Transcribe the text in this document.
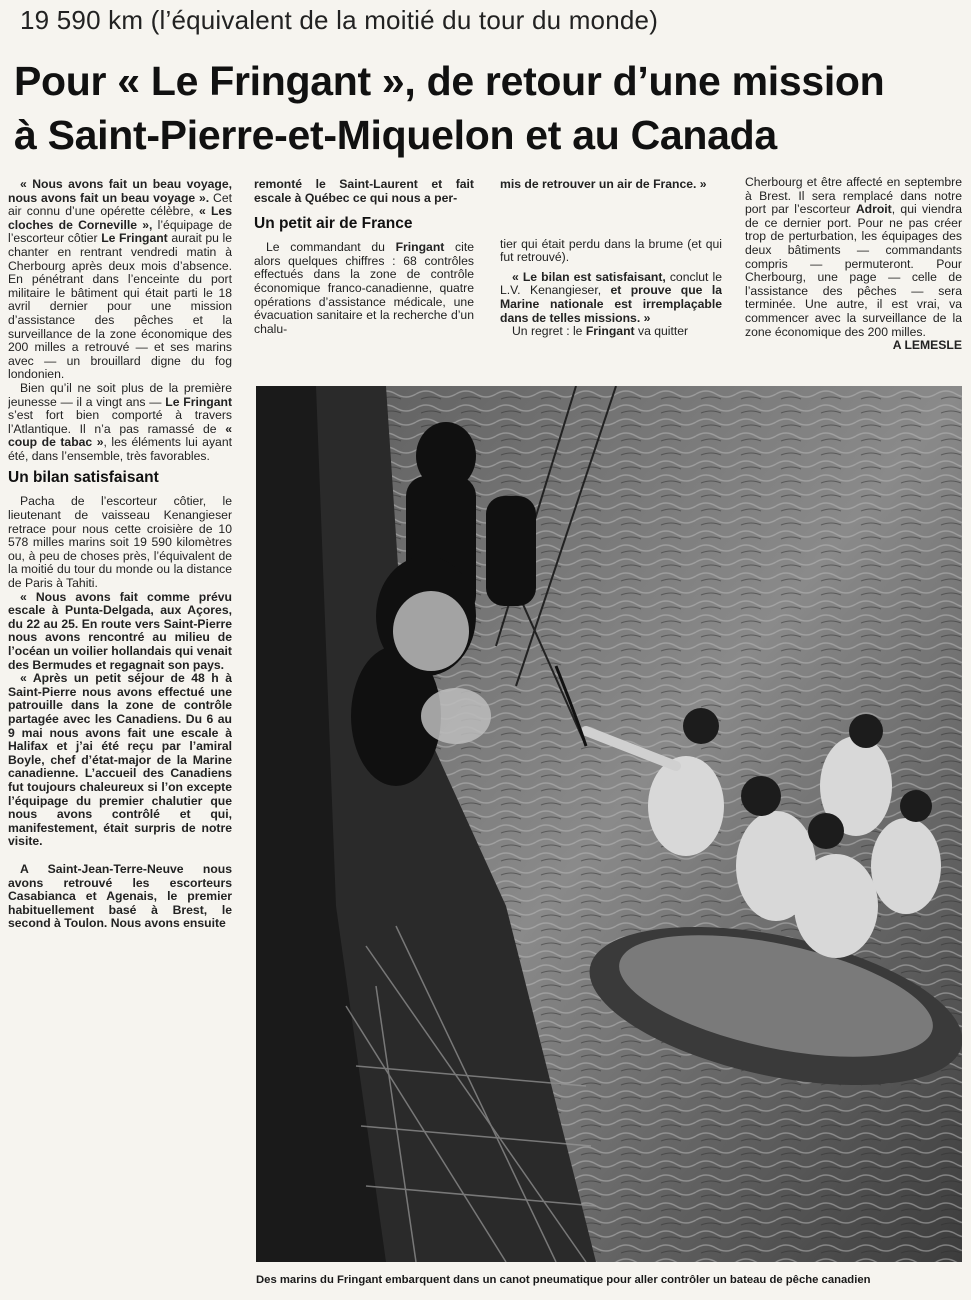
19 590 km (l’équivalent de la moitié du tour du monde)
Pour « Le Fringant », de retour d’une mission
à Saint-Pierre-et-Miquelon et au Canada

« Nous avons fait un beau voyage, nous avons fait un beau voyage ». Cet air connu d’une opérette célèbre, « Les cloches de Corneville », l’équipage de l’escorteur côtier Le Fringant aurait pu le chanter en rentrant vendredi matin à Cherbourg après deux mois d’absence. En pénétrant dans l’enceinte du port militaire le bâtiment qui était parti le 18 avril dernier pour une mission d’assistance des pêches et la surveillance de la zone économique des 200 milles a retrouvé — et ses marins avec — un brouillard digne du fog londonien.

Bien qu’il ne soit plus de la première jeunesse — il a vingt ans — Le Fringant s’est fort bien comporté à travers l’Atlantique. Il n’a pas ramassé de « coup de tabac », les éléments lui ayant été, dans l’ensemble, très favorables.

Un bilan satisfaisant

Pacha de l’escorteur côtier, le lieutenant de vaisseau Kenangieser retrace pour nous cette croisière de 10 578 milles marins soit 19 590 kilomètres ou, à peu de choses près, l’équivalent de la moitié du tour du monde ou la distance de Paris à Tahiti.

« Nous avons fait comme prévu escale à Punta-Delgada, aux Açores, du 22 au 25. En route vers Saint-Pierre nous avons rencontré au milieu de l’océan un voilier hollandais qui venait des Bermudes et regagnait son pays.

« Après un petit séjour de 48 h à Saint-Pierre nous avons effectué une patrouille dans la zone de contrôle partagée avec les Canadiens. Du 6 au 9 mai nous avons fait une escale à Halifax et j’ai été reçu par l’amiral Boyle, chef d’état-major de la Marine canadienne. L’accueil des Canadiens fut toujours chaleureux si l’on excepte l’équipage du premier chalutier que nous avons contrôlé et qui, manifestement, était surpris de notre visite.

A Saint-Jean-Terre-Neuve nous avons retrouvé les escorteurs Casabianca et Agenais, le premier habituellement basé à Brest, le second à Toulon. Nous avons ensuite

remonté le Saint-Laurent et fait escale à Québec ce qui nous a per-

Un petit air de France

Le commandant du Fringant cite alors quelques chiffres : 68 contrôles effectués dans la zone de contrôle économique franco-canadienne, quatre opérations d’assistance médicale, une évacuation sanitaire et la recherche d’un chalu-

mis de retrouver un air de France. »

tier qui était perdu dans la brume (et qui fut retrouvé).

« Le bilan est satisfaisant, conclut le L.V. Kenangieser, et prouve que la Marine nationale est irremplaçable dans de telles missions. »

Un regret : le Fringant va quitter

Cherbourg et être affecté en septembre à Brest. Il sera remplacé dans notre port par l’escorteur Adroit, qui viendra de ce dernier port. Pour ne pas créer trop de perturbation, les équipages des deux bâtiments — commandants compris — permuteront. Pour Cherbourg, une page — celle de l’assistance des pêches — sera terminée. Une autre, il est vrai, va commencer avec la surveillance de la zone économique des 200 milles.

A LEMESLE

Des marins du Fringant embarquent dans un canot pneumatique pour aller contrôler un bateau de pêche canadien
